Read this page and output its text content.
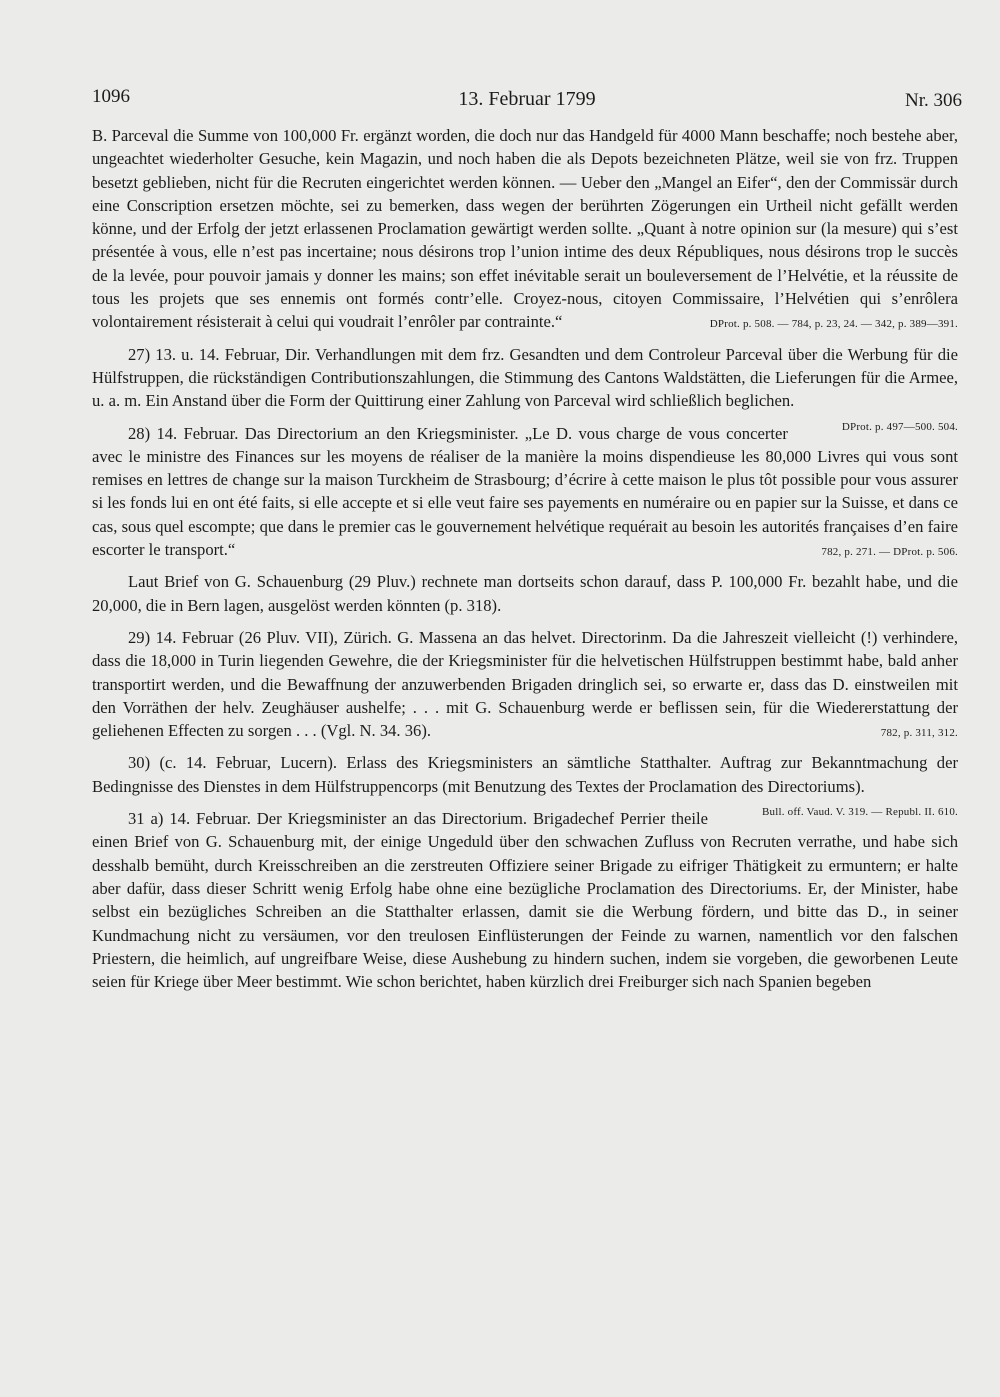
1096	13. Februar 1799	Nr. 306

B. Parceval die Summe von 100,000 Fr. ergänzt worden, die doch nur das Handgeld für 4000 Mann beschaffe; noch bestehe aber, ungeachtet wiederholter Gesuche, kein Magazin, und noch haben die als Depots bezeichneten Plätze, weil sie von frz. Truppen besetzt geblieben, nicht für die Recruten eingerichtet werden können. — Ueber den „Mangel an Eifer“, den der Commissär durch eine Conscription ersetzen möchte, sei zu bemerken, dass wegen der berührten Zögerungen ein Urtheil nicht gefällt werden könne, und der Erfolg der jetzt erlassenen Proclamation gewärtigt werden sollte. „Quant à notre opinion sur (la mesure) qui s’est présentée à vous, elle n’est pas incertaine; nous désirons trop l’union intime des deux Républiques, nous désirons trop le succès de la levée, pour pouvoir jamais y donner les mains; son effet inévitable serait un bouleversement de l’Helvétie, et la réussite de tous les projets que ses ennemis ont formés contr’elle. Croyez-nous, citoyen Commissaire, l’Helvétien qui s’enrôlera volontairement résisterait à celui qui voudrait l’enrôler par contrainte.“	DProt. p. 508. — 784, p. 23, 24. — 342, p. 389—391.

27) 13. u. 14. Februar, Dir. Verhandlungen mit dem frz. Gesandten und dem Controleur Parceval über die Werbung für die Hülfstruppen, die rückständigen Contributionszahlungen, die Stimmung des Cantons Waldstätten, die Lieferungen für die Armee, u. a. m. Ein Anstand über die Form der Quittirung einer Zahlung von Parceval wird schließlich beglichen.
DProt. p. 497—500. 504.

28) 14. Februar. Das Directorium an den Kriegsminister. „Le D. vous charge de vous concerter avec le ministre des Finances sur les moyens de réaliser de la manière la moins dispendieuse les 80,000 Livres qui vous sont remises en lettres de change sur la maison Turckheim de Strasbourg; d’écrire à cette maison le plus tôt possible pour vous assurer si les fonds lui en ont été faits, si elle accepte et si elle veut faire ses payements en numéraire ou en papier sur la Suisse, et dans ce cas, sous quel escompte; que dans le premier cas le gouvernement helvétique requérait au besoin les autorités françaises d’en faire escorter le transport.“	782, p. 271. — DProt. p. 506.

Laut Brief von G. Schauenburg (29 Pluv.) rechnete man dortseits schon darauf, dass P. 100,000 Fr. bezahlt habe, und die 20,000, die in Bern lagen, ausgelöst werden könnten (p. 318).

29) 14. Februar (26 Pluv. VII), Zürich. G. Massena an das helvet. Directorinm. Da die Jahreszeit vielleicht (!) verhindere, dass die 18,000 in Turin liegenden Gewehre, die der Kriegsminister für die helvetischen Hülfstruppen bestimmt habe, bald anher transportirt werden, und die Bewaffnung der anzuwerbenden Brigaden dringlich sei, so erwarte er, dass das D. einstweilen mit den Vorräthen der helv. Zeughäuser aushelfe; . . . mit G. Schauenburg werde er beflissen sein, für die Wiedererstattung der geliehenen Effecten zu sorgen . . . (Vgl. N. 34. 36).	782, p. 311, 312.

30) (c. 14. Februar, Lucern). Erlass des Kriegsministers an sämtliche Statthalter. Auftrag zur Bekanntmachung der Bedingnisse des Dienstes in dem Hülfstruppencorps (mit Benutzung des Textes der Proclamation des Directoriums).
Bull. off. Vaud. V. 319. — Republ. II. 610.

31 a) 14. Februar. Der Kriegsminister an das Directorium. Brigadechef Perrier theile einen Brief von G. Schauenburg mit, der einige Ungeduld über den schwachen Zufluss von Recruten verrathe, und habe sich desshalb bemüht, durch Kreisschreiben an die zerstreuten Offiziere seiner Brigade zu eifriger Thätigkeit zu ermuntern; er halte aber dafür, dass dieser Schritt wenig Erfolg habe ohne eine bezügliche Proclamation des Directoriums. Er, der Minister, habe selbst ein bezügliches Schreiben an die Statthalter erlassen, damit sie die Werbung fördern, und bitte das D., in seiner Kundmachung nicht zu versäumen, vor den treulosen Einflüsterungen der Feinde zu warnen, namentlich vor den falschen Priestern, die heimlich, auf ungreifbare Weise, diese Aushebung zu hindern suchen, indem sie vorgeben, die geworbenen Leute seien für Kriege über Meer bestimmt. Wie schon berichtet, haben kürzlich drei Freiburger sich nach Spanien begeben
